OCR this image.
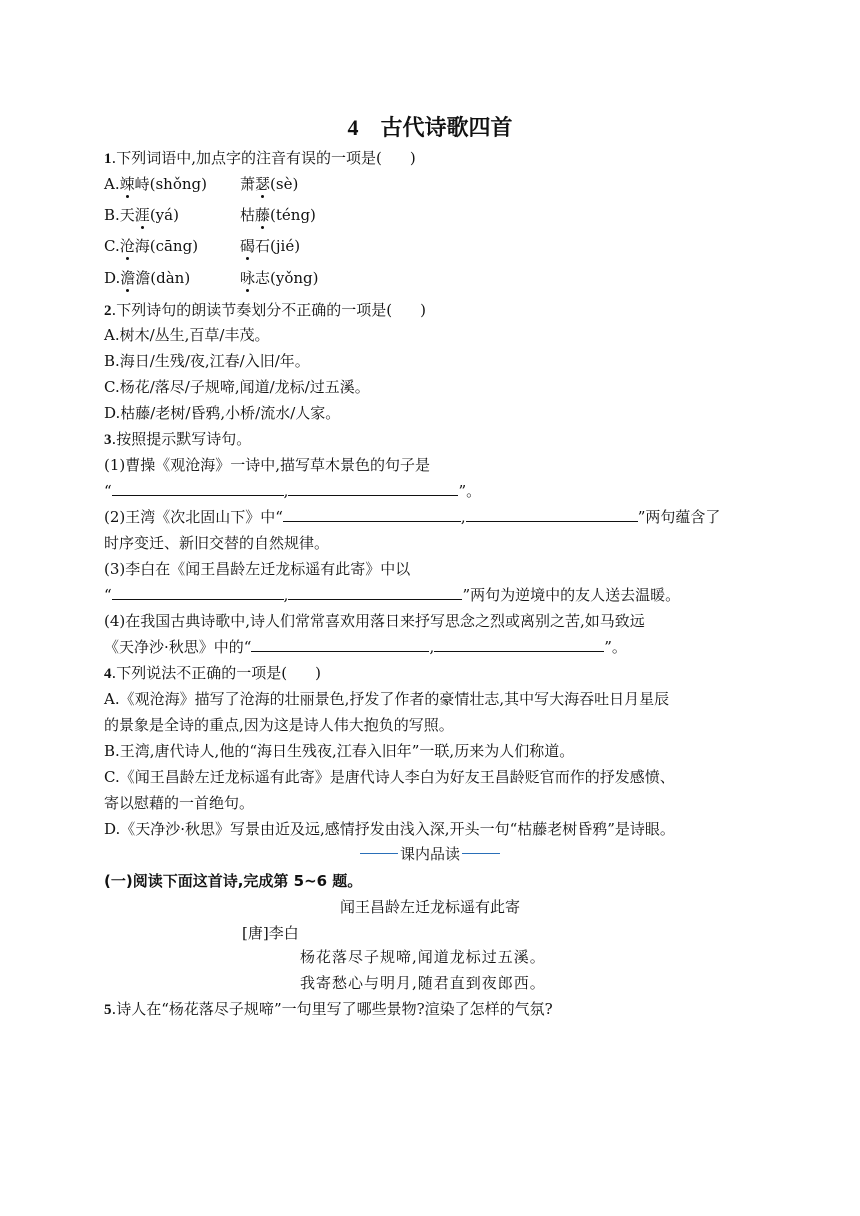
4 古代诗歌四首
1.下列词语中,加点字的注音有误的一项是( )
A.竦峙(shǒng) 萧瑟(sè)
B.天涯(yá)	枯藤(téng)
C.沧海(cāng)	碣石(jié)
D.澹澹(dàn)	咏志(yǒng)
2.下列诗句的朗读节奏划分不正确的一项是( )
A.树木/丛生,百草/丰茂。
B.海日/生残/夜,江春/入旧/年。
C.杨花/落尽/子规啼,闻道/龙标/过五溪。
D.枯藤/老树/昏鸦,小桥/流水/人家。
3.按照提示默写诗句。
(1)曹操《观沧海》一诗中,描写草木景色的句子是
“	,	”。
(2)王湾《次北固山下》中“	,	”两句蕴含了
时序变迁、新旧交替的自然规律。
(3)李白在《闻王昌龄左迁龙标遥有此寄》中以
“	,	”两句为逆境中的友人送去温暖。
(4)在我国古典诗歌中,诗人们常常喜欢用落日来抒写思念之烈或离别之苦,如马致远
《天净沙·秋思》中的“	,	”。
4.下列说法不正确的一项是( )
A.《观沧海》描写了沧海的壮丽景色,抒发了作者的豪情壮志,其中写大海吞吐日月星辰
的景象是全诗的重点,因为这是诗人伟大抱负的写照。
B.王湾,唐代诗人,他的“海日生残夜,江春入旧年”一联,历来为人们称道。
C.《闻王昌龄左迁龙标遥有此寄》是唐代诗人李白为好友王昌龄贬官而作的抒发感愤、
寄以慰藉的一首绝句。
D.《天净沙·秋思》写景由近及远,感情抒发由浅入深,开头一句“枯藤老树昏鸦”是诗眼。
课内品读
(一)阅读下面这首诗,完成第 5~6 题。
闻王昌龄左迁龙标遥有此寄
[唐]李白
杨花落尽子规啼,闻道龙标过五溪。
我寄愁心与明月,随君直到夜郎西。
5.诗人在“杨花落尽子规啼”一句里写了哪些景物?渲染了怎样的气氛?
